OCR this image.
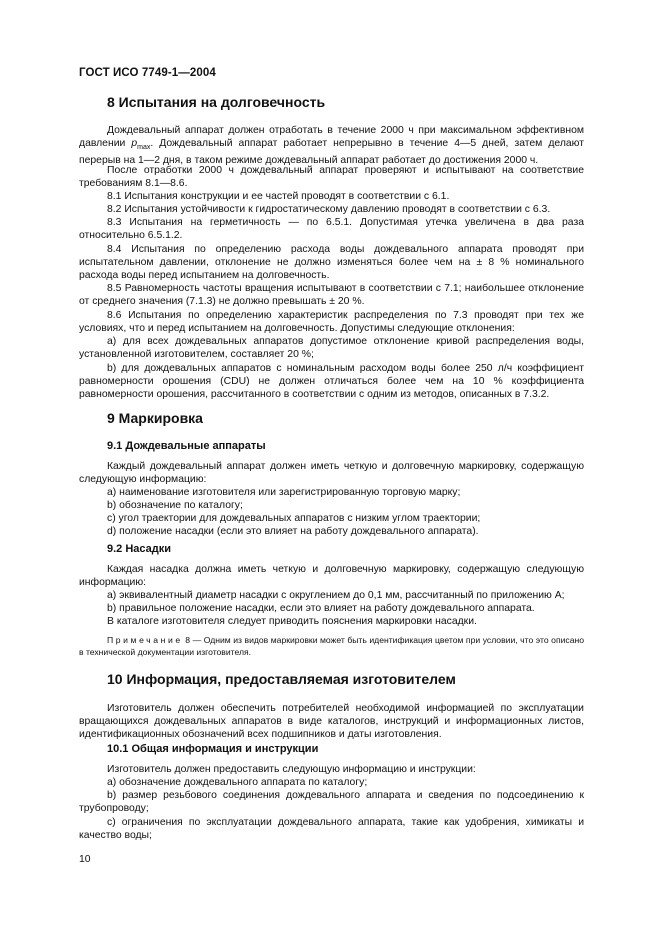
ГОСТ ИСО 7749-1—2004
8 Испытания на долговечность
Дождевальный аппарат должен отработать в течение 2000 ч при максимальном эффективном давлении $p_{max}$. Дождевальный аппарат работает непрерывно в течение 4—5 дней, затем делают перерыв на 1—2 дня, в таком режиме дождевальный аппарат работает до достижения 2000 ч.
После отработки 2000 ч дождевальный аппарат проверяют и испытывают на соответствие требованиям 8.1—8.6.
8.1 Испытания конструкции и ее частей проводят в соответствии с 6.1.
8.2 Испытания устойчивости к гидростатическому давлению проводят в соответствии с 6.3.
8.3 Испытания на герметичность — по 6.5.1. Допустимая утечка увеличена в два раза относительно 6.5.1.2.
8.4 Испытания по определению расхода воды дождевального аппарата проводят при испытательном давлении, отклонение не должно изменяться более чем на ± 8 % номинального расхода воды перед испытанием на долговечность.
8.5 Равномерность частоты вращения испытывают в соответствии с 7.1; наибольшее отклонение от среднего значения (7.1.3) не должно превышать ± 20 %.
8.6 Испытания по определению характеристик распределения по 7.3 проводят при тех же условиях, что и перед испытанием на долговечность. Допустимы следующие отклонения:
a) для всех дождевальных аппаратов допустимое отклонение кривой распределения воды, установленной изготовителем, составляет 20 %;
b) для дождевальных аппаратов с номинальным расходом воды более 250 л/ч коэффициент равномерности орошения (CDU) не должен отличаться более чем на 10 % коэффициента равномерности орошения, рассчитанного в соответствии с одним из методов, описанных в 7.3.2.
9 Маркировка
9.1 Дождевальные аппараты
Каждый дождевальный аппарат должен иметь четкую и долговечную маркировку, содержащую следующую информацию:
a) наименование изготовителя или зарегистрированную торговую марку;
b) обозначение по каталогу;
c) угол траектории для дождевальных аппаратов с низким углом траектории;
d) положение насадки (если это влияет на работу дождевального аппарата).
9.2 Насадки
Каждая насадка должна иметь четкую и долговечную маркировку, содержащую следующую информацию:
a) эквивалентный диаметр насадки с округлением до 0,1 мм, рассчитанный по приложению А;
b) правильное положение насадки, если это влияет на работу дождевального аппарата.
В каталоге изготовителя следует приводить пояснения маркировки насадки.
Примечание 8 — Одним из видов маркировки может быть идентификация цветом при условии, что это описано в технической документации изготовителя.
10 Информация, предоставляемая изготовителем
Изготовитель должен обеспечить потребителей необходимой информацией по эксплуатации вращающихся дождевальных аппаратов в виде каталогов, инструкций и информационных листов, идентификационных обозначений всех подшипников и даты изготовления.
10.1 Общая информация и инструкции
Изготовитель должен предоставить следующую информацию и инструкции:
a) обозначение дождевального аппарата по каталогу;
b) размер резьбового соединения дождевального аппарата и сведения по подсоединению к трубопроводу;
c) ограничения по эксплуатации дождевального аппарата, такие как удобрения, химикаты и качество воды;
10
